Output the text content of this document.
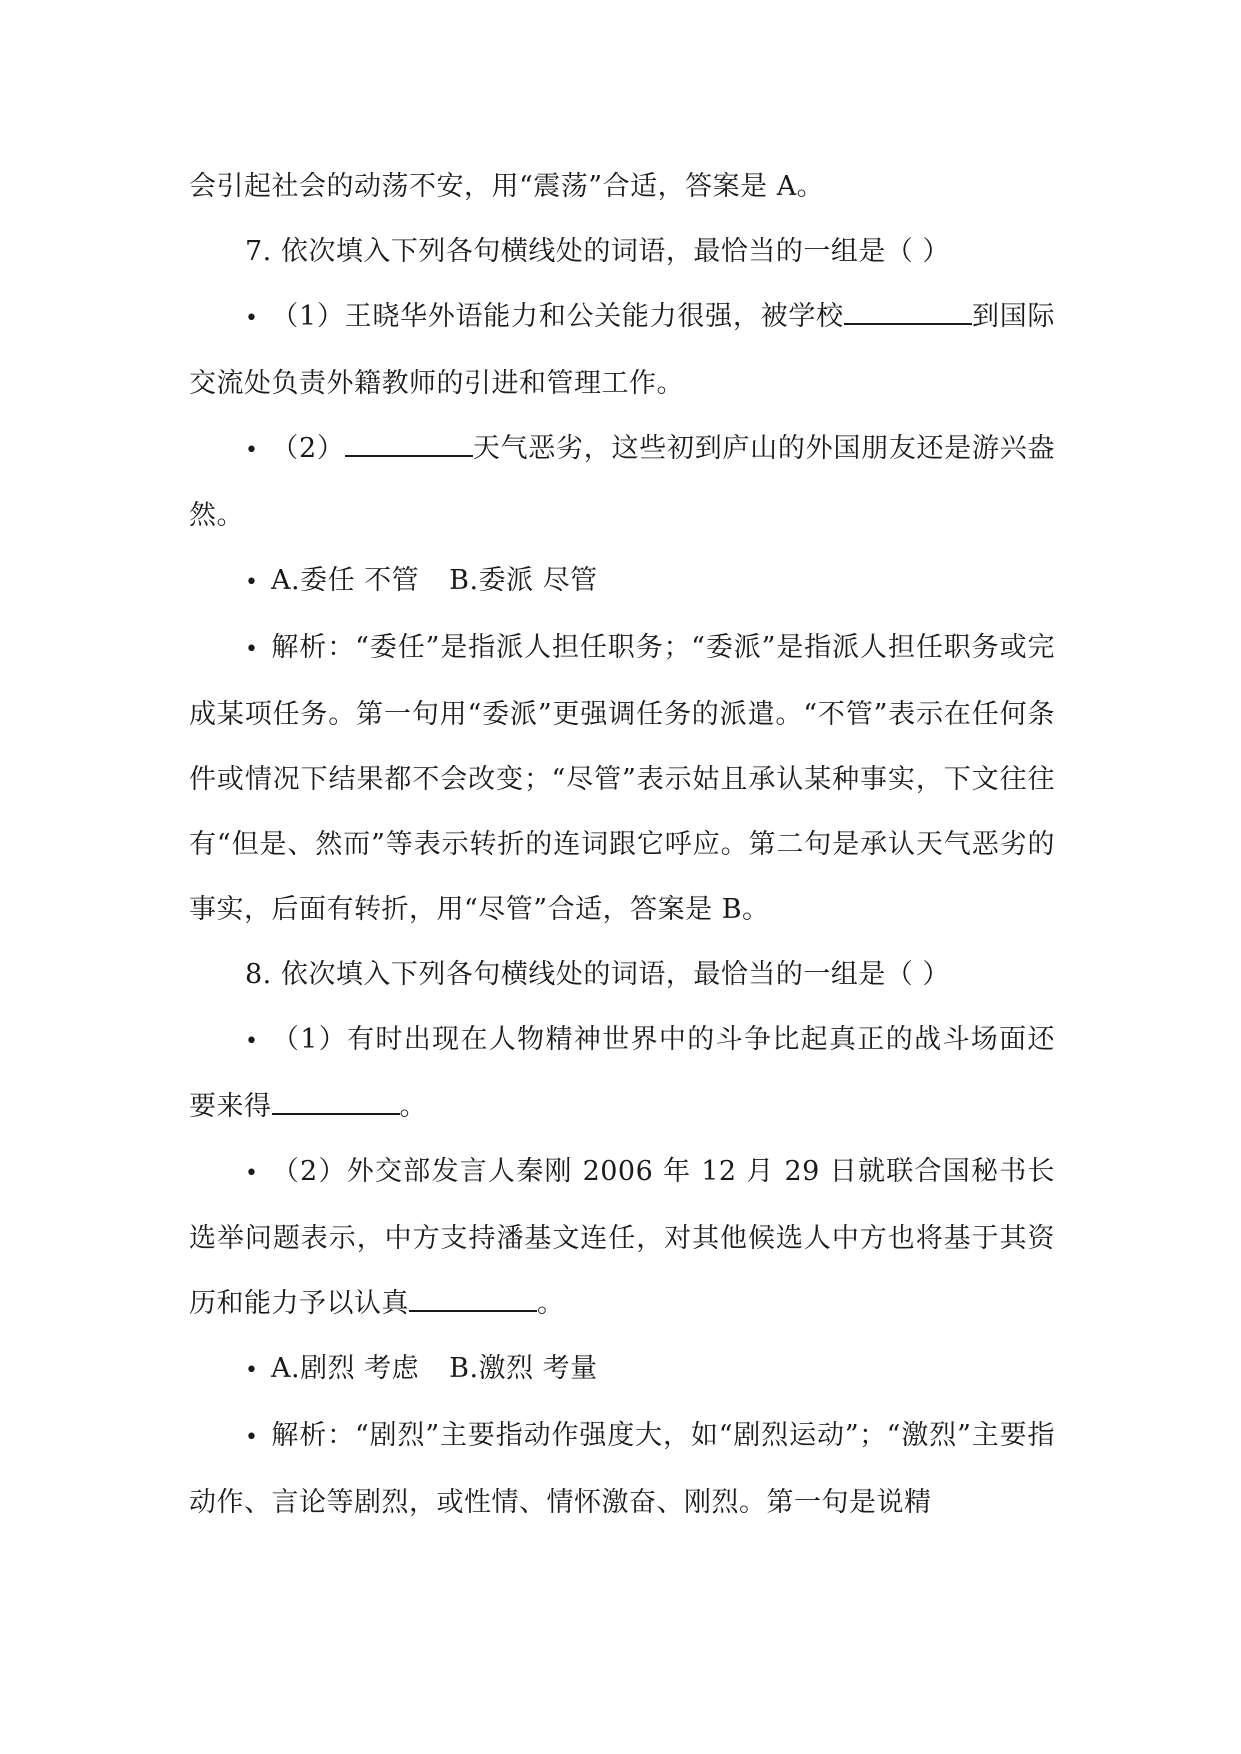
会引起社会的动荡不安，用“震荡”合适，答案是 A。

7. 依次填入下列各句横线处的词语，最恰当的一组是（ ）

• （1）王晓华外语能力和公关能力很强，被学校	到国际交流处负责外籍教师的引进和管理工作。

• （2）	天气恶劣，这些初到庐山的外国朋友还是游兴盎然。

• A.委任 不管 B.委派 尽管

• 解析：“委任”是指派人担任职务；“委派”是指派人担任职务或完成某项任务。第一句用“委派”更强调任务的派遣。“不管”表示在任何条件或情况下结果都不会改变；“尽管”表示姑且承认某种事实，下文往往有“但是、然而”等表示转折的连词跟它呼应。第二句是承认天气恶劣的事实，后面有转折，用“尽管”合适，答案是 B。

8. 依次填入下列各句横线处的词语，最恰当的一组是（ ）

• （1）有时出现在人物精神世界中的斗争比起真正的战斗场面还要来得	。

• （2）外交部发言人秦刚 2006 年 12 月 29 日就联合国秘书长选举问题表示，中方支持潘基文连任，对其他候选人中方也将基于其资历和能力予以认真	。

• A.剧烈 考虑 B.激烈 考量

• 解析：“剧烈”主要指动作强度大，如“剧烈运动”；“激烈”主要指动作、言论等剧烈，或性情、情怀激奋、刚烈。第一句是说精
